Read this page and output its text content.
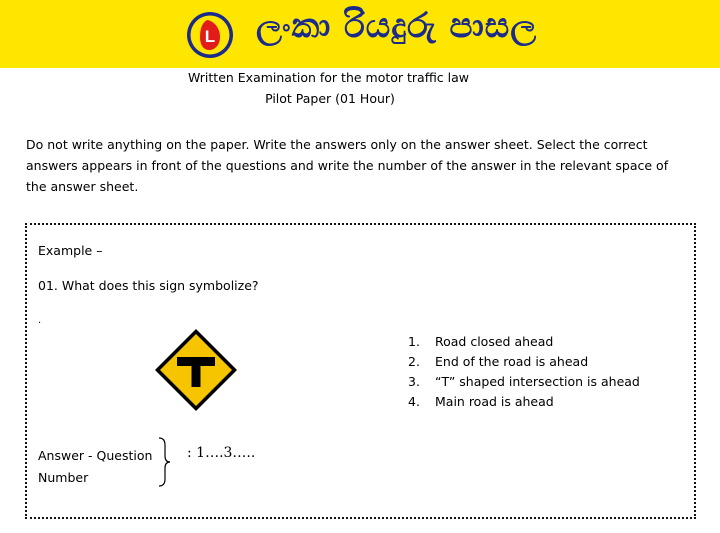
L ලංකා රියදුරු පාසල
Written Examination for the motor traffic law
Pilot Paper (01 Hour)
Do not write anything on the paper. Write the answers only on the answer sheet. Select the correct answers appears in front of the questions and write the number of the answer in the relevant space of the answer sheet.
Example –
01. What does this sign symbolize?
.
1. Road closed ahead
2. End of the road is ahead
3. “T” shaped intersection is ahead
4. Main road is ahead
Answer - Question Number
: 1….3…..
